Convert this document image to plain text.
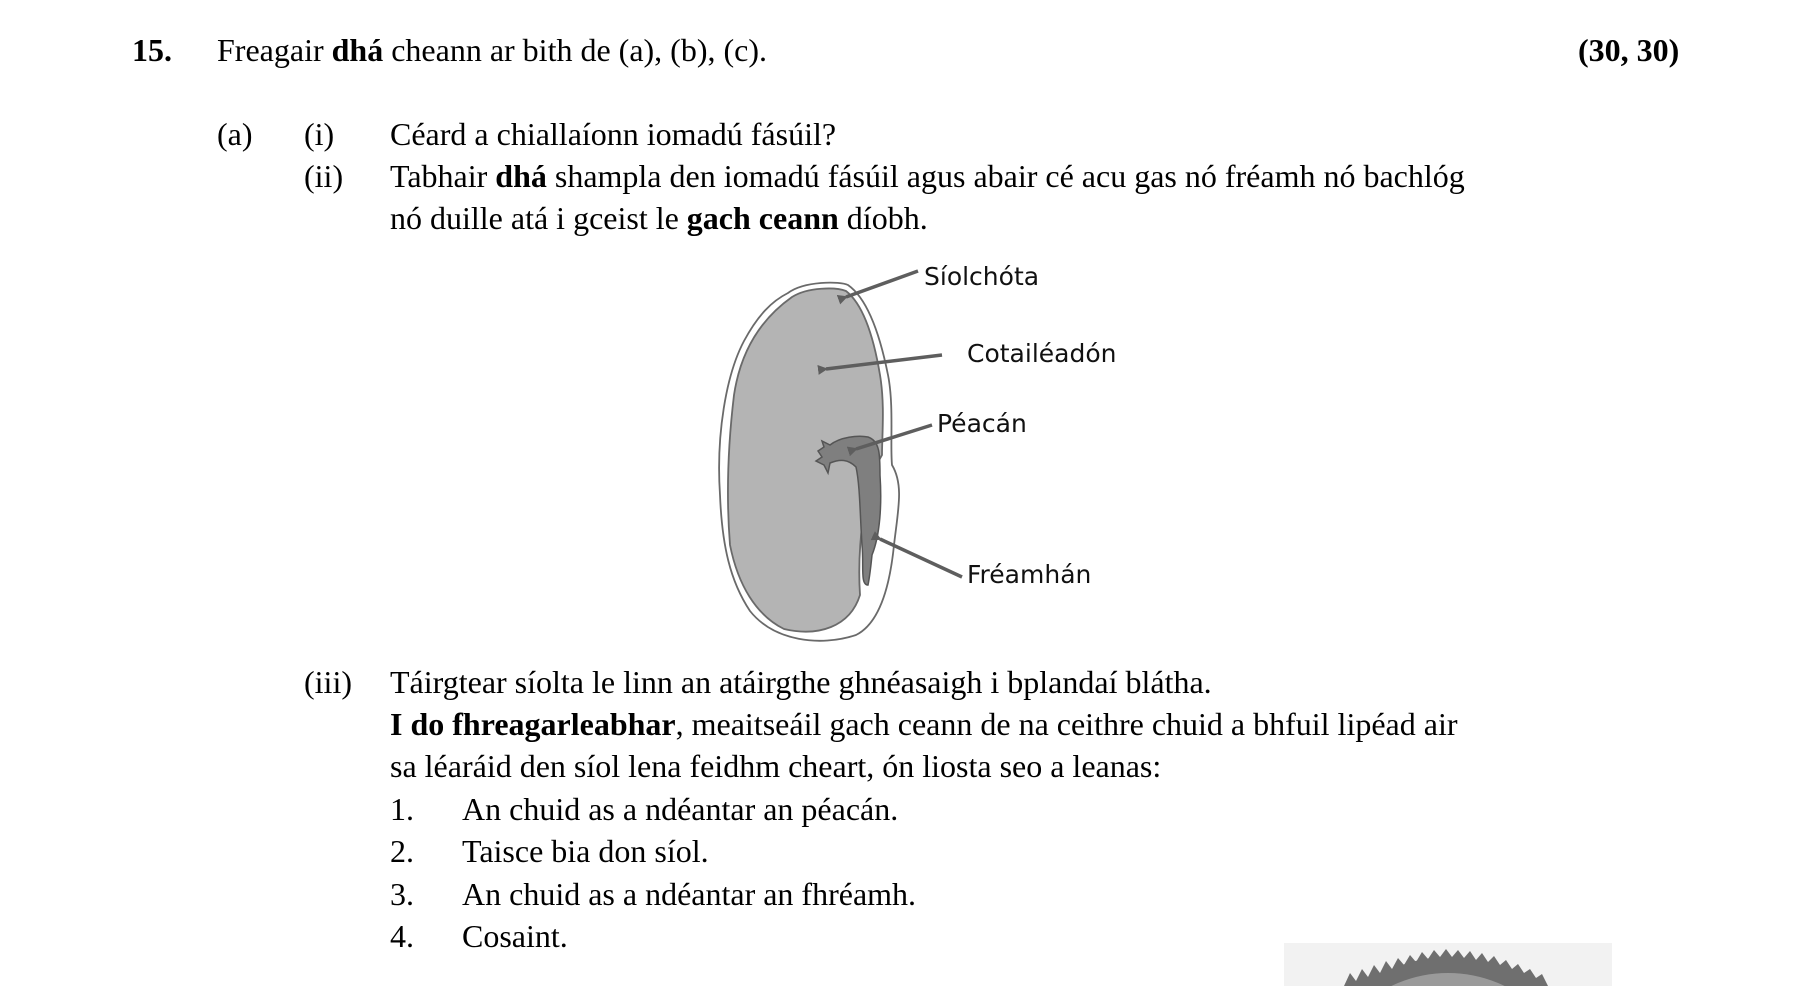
15. Freagair dhá cheann ar bith de (a), (b), (c).	(30, 30)
(a) (i) Céard a chiallaíonn iomadú fásúil?
(ii) Tabhair dhá shampla den iomadú fásúil agus abair cé acu gas nó fréamh nó bachlóg
nó duille atá i gceist le gach ceann díobh.
Síolchóta
Cotailéadón
Péacán
Fréamhán
(iii) Táirgtear síolta le linn an atáirgthe ghnéasaigh i bplandaí blátha.
I do fhreagarleabhar, meaitseáil gach ceann de na ceithre chuid a bhfuil lipéad air
sa léaráid den síol lena feidhm cheart, ón liosta seo a leanas:
1. An chuid as a ndéantar an péacán.
2. Taisce bia don síol.
3. An chuid as a ndéantar an fhréamh.
4. Cosaint.
